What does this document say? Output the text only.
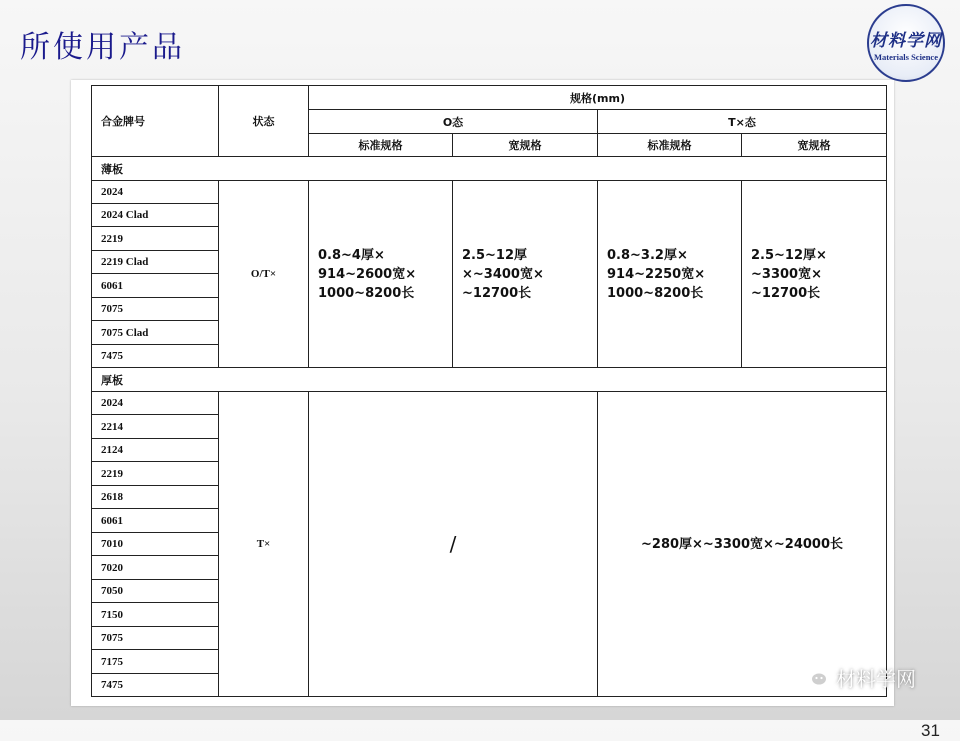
所使用产品	材料学网
Materials Science
合金牌号	状态	规格(mm)			
		O态		T×态	
		标准规格	宽规格	标准规格	宽规格
薄板					
2024	O/T×	0.8~4厚×
914~2600宽×
1000~8200长	2.5~12厚
×~3400宽×
~12700长	0.8~3.2厚×
914~2250宽×
1000~8200长	2.5~12厚×
~3300宽×
~12700长
2024 Clad					
2219					
2219 Clad					
6061					
7075					
7075 Clad					
7475					
厚板					
2024	T×	/		~280厚×~3300宽×~24000长	
2214					
2124					
2219					
2618					
6061					
7010					
7020					
7050					
7150					
7075					
7175					
7475					
31
材料学网
